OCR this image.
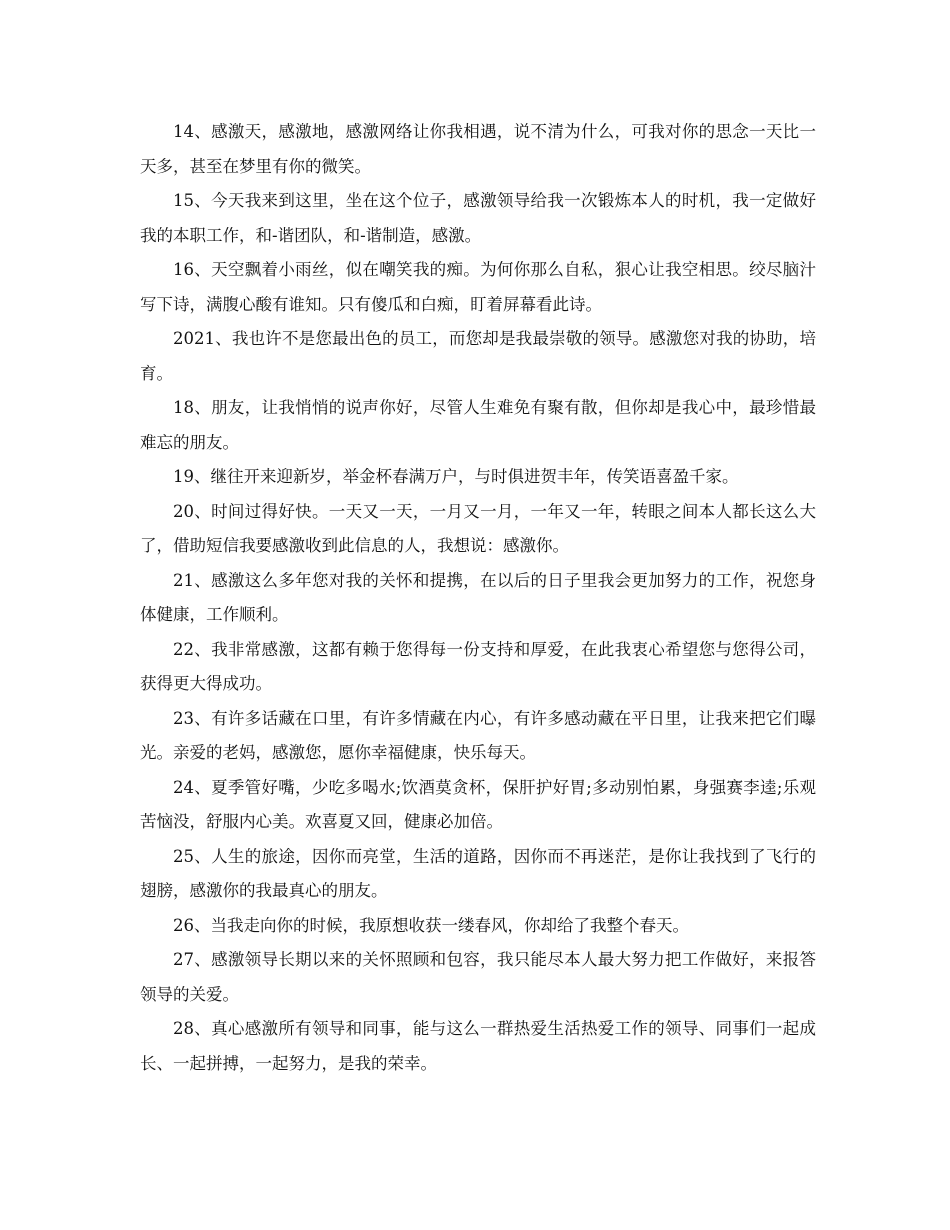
14、感激天，感激地，感激网络让你我相遇，说不清为什么，可我对你的思念一天比一天多，甚至在梦里有你的微笑。

15、今天我来到这里，坐在这个位子，感激领导给我一次锻炼本人的时机，我一定做好我的本职工作，和-谐团队，和-谐制造，感激。

16、天空飘着小雨丝，似在嘲笑我的痴。为何你那么自私，狠心让我空相思。绞尽脑汁写下诗，满腹心酸有谁知。只有傻瓜和白痴，盯着屏幕看此诗。

2021、我也许不是您最出色的员工，而您却是我最崇敬的领导。感激您对我的协助，培育。

18、朋友，让我悄悄的说声你好，尽管人生难免有聚有散，但你却是我心中，最珍惜最难忘的朋友。

19、继往开来迎新岁，举金杯春满万户，与时俱进贺丰年，传笑语喜盈千家。

20、时间过得好快。一天又一天，一月又一月，一年又一年，转眼之间本人都长这么大了，借助短信我要感激收到此信息的人，我想说：感激你。

21、感激这么多年您对我的关怀和提携，在以后的日子里我会更加努力的工作，祝您身体健康，工作顺利。

22、我非常感激，这都有赖于您得每一份支持和厚爱，在此我衷心希望您与您得公司，获得更大得成功。

23、有许多话藏在口里，有许多情藏在内心，有许多感动藏在平日里，让我来把它们曝光。亲爱的老妈，感激您，愿你幸福健康，快乐每天。

24、夏季管好嘴，少吃多喝水;饮酒莫贪杯，保肝护好胃;多动别怕累，身强赛李逵;乐观苦恼没，舒服内心美。欢喜夏又回，健康必加倍。

25、人生的旅途，因你而亮堂，生活的道路，因你而不再迷茫，是你让我找到了飞行的翅膀，感激你的我最真心的朋友。

26、当我走向你的时候，我原想收获一缕春风，你却给了我整个春天。

27、感激领导长期以来的关怀照顾和包容，我只能尽本人最大努力把工作做好，来报答领导的关爱。

28、真心感激所有领导和同事，能与这么一群热爱生活热爱工作的领导、同事们一起成长、一起拼搏，一起努力，是我的荣幸。
